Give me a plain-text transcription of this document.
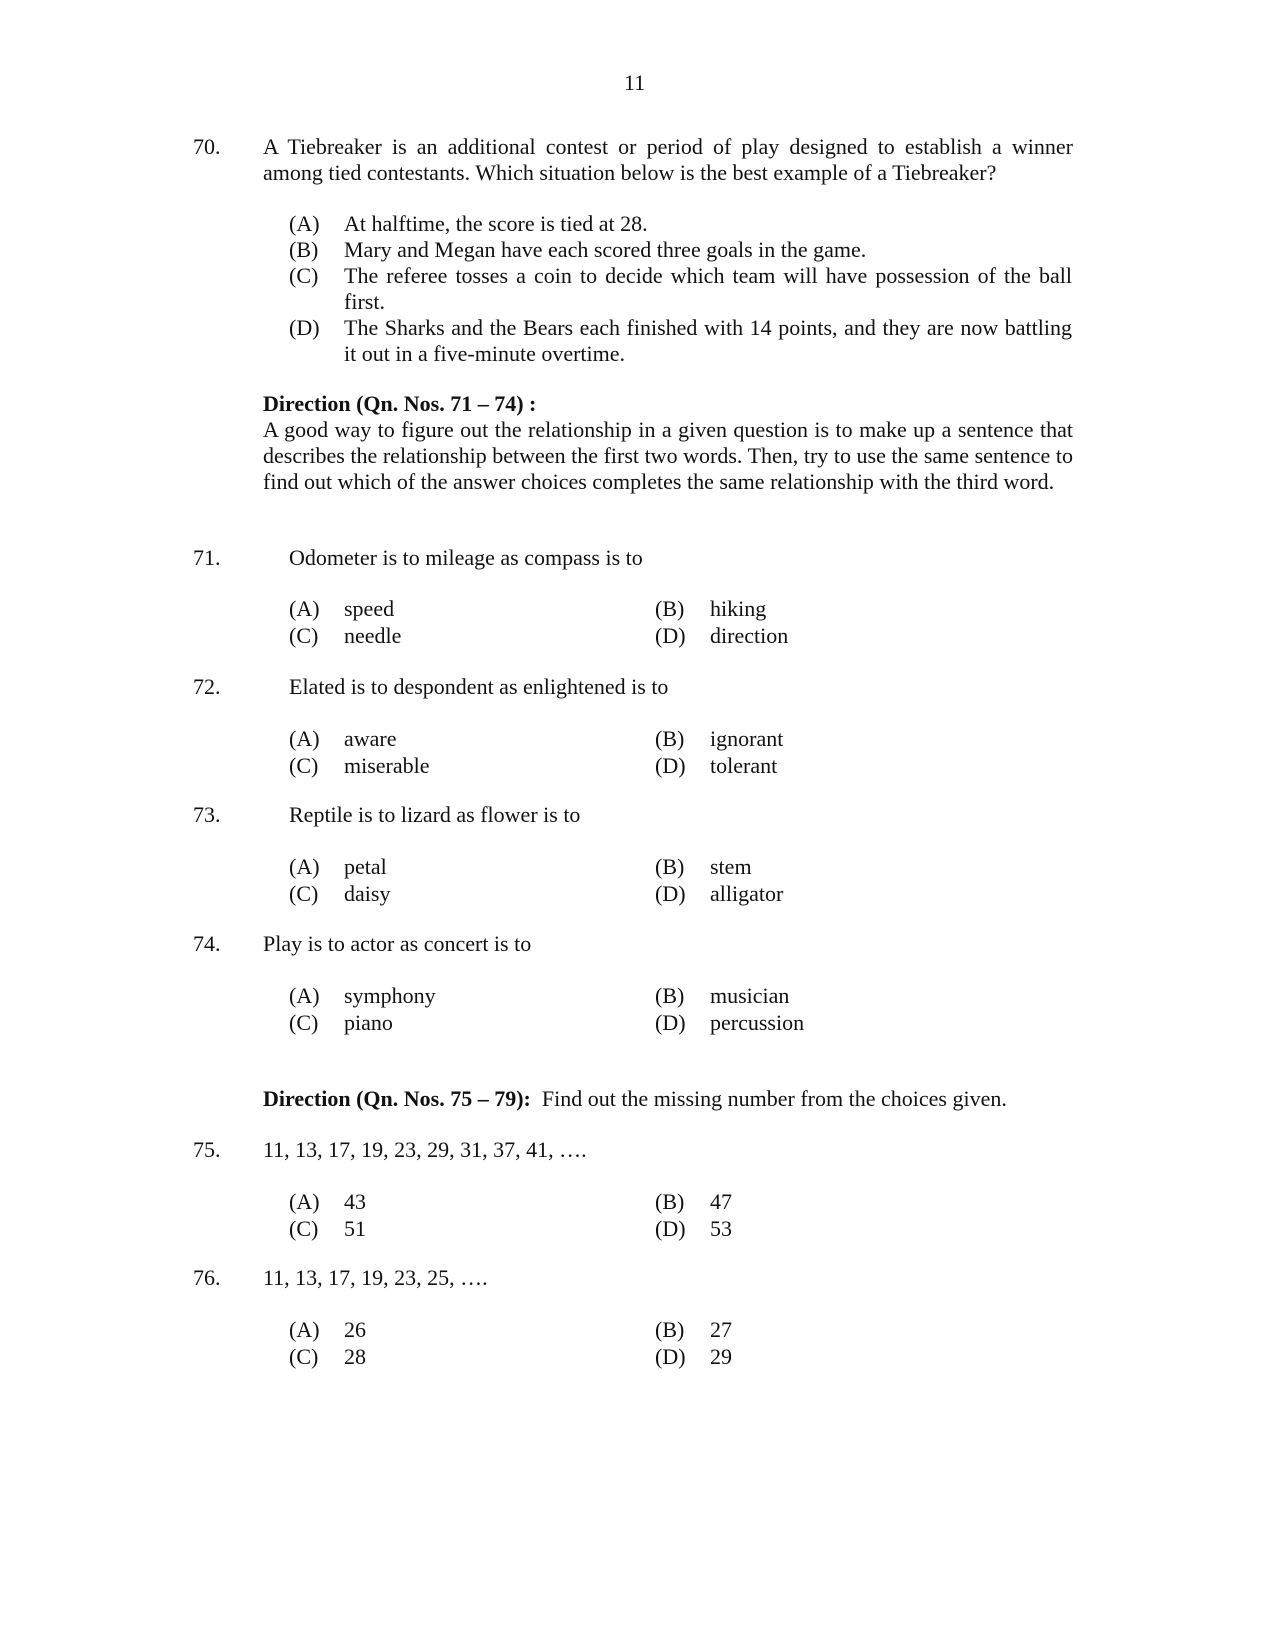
11
70. A Tiebreaker is an additional contest or period of play designed to establish a winner among tied contestants. Which situation below is the best example of a Tiebreaker?
(A) At halftime, the score is tied at 28.
(B) Mary and Megan have each scored three goals in the game.
(C) The referee tosses a coin to decide which team will have possession of the ball first.
(D) The Sharks and the Bears each finished with 14 points, and they are now battling it out in a five-minute overtime.
Direction (Qn. Nos. 71 – 74) :
A good way to figure out the relationship in a given question is to make up a sentence that describes the relationship between the first two words. Then, try to use the same sentence to find out which of the answer choices completes the same relationship with the third word.
71.	Odometer is to mileage as compass is to
(A) speed	(B) hiking
(C) needle	(D) direction
72.	Elated is to despondent as enlightened is to
(A) aware	(B) ignorant
(C) miserable	(D) tolerant
73.	Reptile is to lizard as flower is to
(A) petal	(B) stem
(C) daisy	(D) alligator
74. Play is to actor as concert is to
(A) symphony	(B) musician
(C) piano	(D) percussion
Direction (Qn. Nos. 75 – 79): Find out the missing number from the choices given.
75. 11, 13, 17, 19, 23, 29, 31, 37, 41, ….
(A) 43	(B) 47
(C) 51	(D) 53
76. 11, 13, 17, 19, 23, 25, ….
(A) 26	(B) 27
(C) 28	(D) 29
